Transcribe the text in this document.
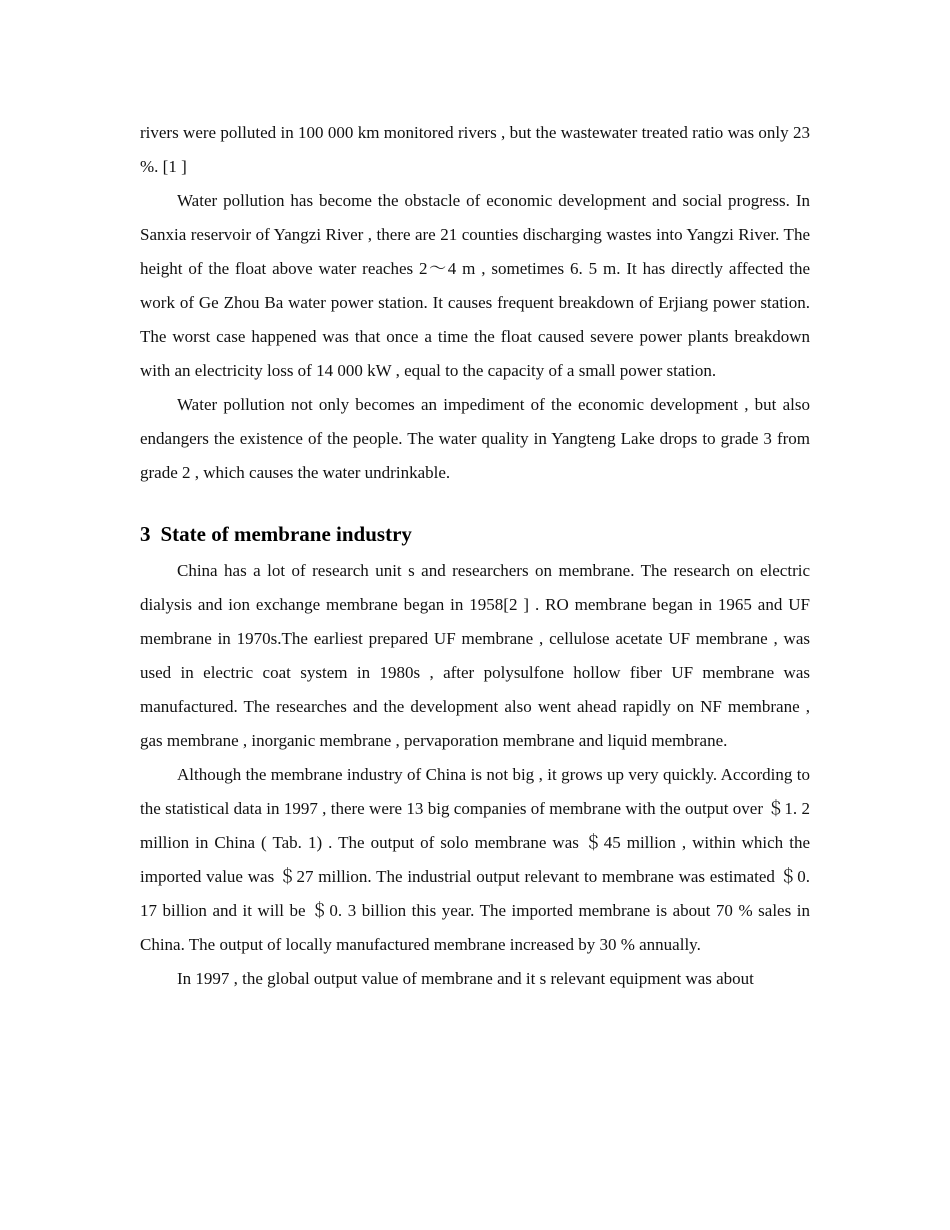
rivers were polluted in 100 000 km monitored rivers , but the wastewater treated ratio was only 23 %. [1 ]

Water pollution has become the obstacle of economic development and social progress. In Sanxia reservoir of Yangzi River , there are 21 counties discharging wastes into Yangzi River. The height of the float above water reaches 2～4 m , sometimes 6. 5 m. It has directly affected the work of Ge Zhou Ba water power station. It causes frequent breakdown of Erjiang power station. The worst case happened was that once a time the float caused severe power plants breakdown with an electricity loss of 14 000 kW , equal to the capacity of a small power station.

Water pollution not only becomes an impediment of the economic development , but also endangers the existence of the people. The water quality in Yangteng Lake drops to grade 3 from grade 2 , which causes the water undrinkable.

3 State of membrane industry

China has a lot of research unit s and researchers on membrane. The research on electric dialysis and ion exchange membrane began in 1958[2 ] . RO membrane began in 1965 and UF membrane in 1970s.The earliest prepared UF membrane , cellulose acetate UF membrane , was used in electric coat system in 1980s , after polysulfone hollow fiber UF membrane was manufactured. The researches and the development also went ahead rapidly on NF membrane , gas membrane , inorganic membrane , pervaporation membrane and liquid membrane.

Although the membrane industry of China is not big , it grows up very quickly. According to the statistical data in 1997 , there were 13 big companies of membrane with the output over ＄1. 2 million in China ( Tab. 1) . The output of solo membrane was ＄45 million , within which the imported value was ＄27 million. The industrial output relevant to membrane was estimated ＄0. 17 billion and it will be ＄0. 3 billion this year. The imported membrane is about 70 % sales in China. The output of locally manufactured membrane increased by 30 % annually.

In 1997 , the global output value of membrane and it s relevant equipment was about
